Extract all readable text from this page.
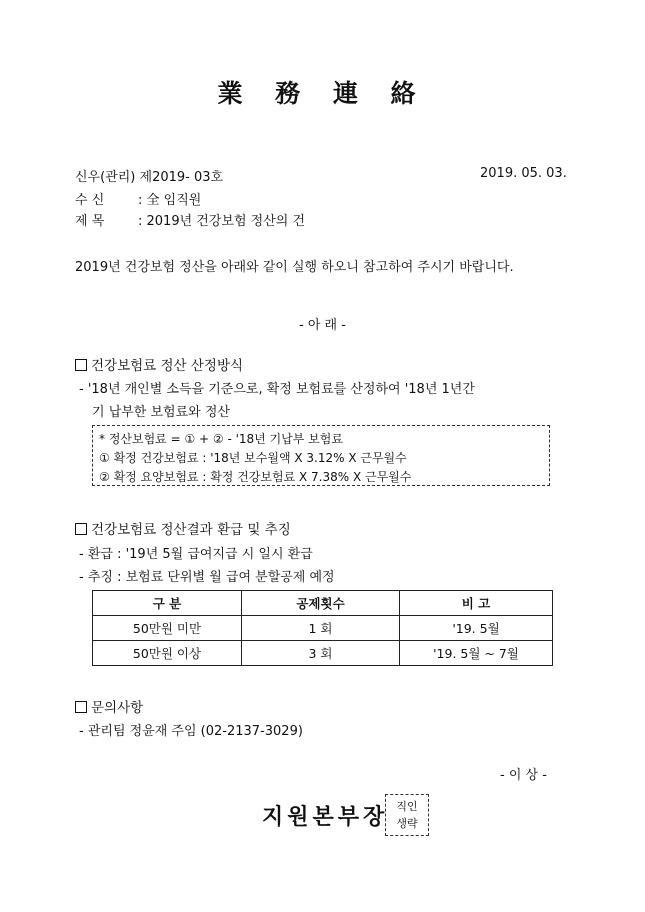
業 務 連 絡
신우(관리) 제2019- 03호	2019. 05. 03.
수 신	: 全 임직원
제 목	: 2019년 건강보험 정산의 건
2019년 건강보험 정산을 아래와 같이 실행 하오니 참고하여 주시기 바랍니다.
- 아 래 -
건강보험료 정산 산정방식
- '18년 개인별 소득을 기준으로, 확정 보험료를 산정하여 '18년 1년간
기 납부한 보험료와 정산
* 정산보험료 = ① + ② - '18년 기납부 보험료
① 확정 건강보험료 : '18년 보수월액 X 3.12% X 근무월수
② 확정 요양보험료 : 확정 건강보험료 X 7.38% X 근무월수
건강보험료 정산결과 환급 및 추징
- 환급 : '19년 5월 급여지급 시 일시 환급
- 추징 : 보험료 단위별 월 급여 분할공제 예정
구 분	공제횟수	비 고
50만원 미만	1 회	'19. 5월
50만원 이상	3 회	'19. 5월 ~ 7월
문의사항
- 관리팀 정윤재 주임 (02-2137-3029)
- 이 상 -
지원본부장 직인
생략
